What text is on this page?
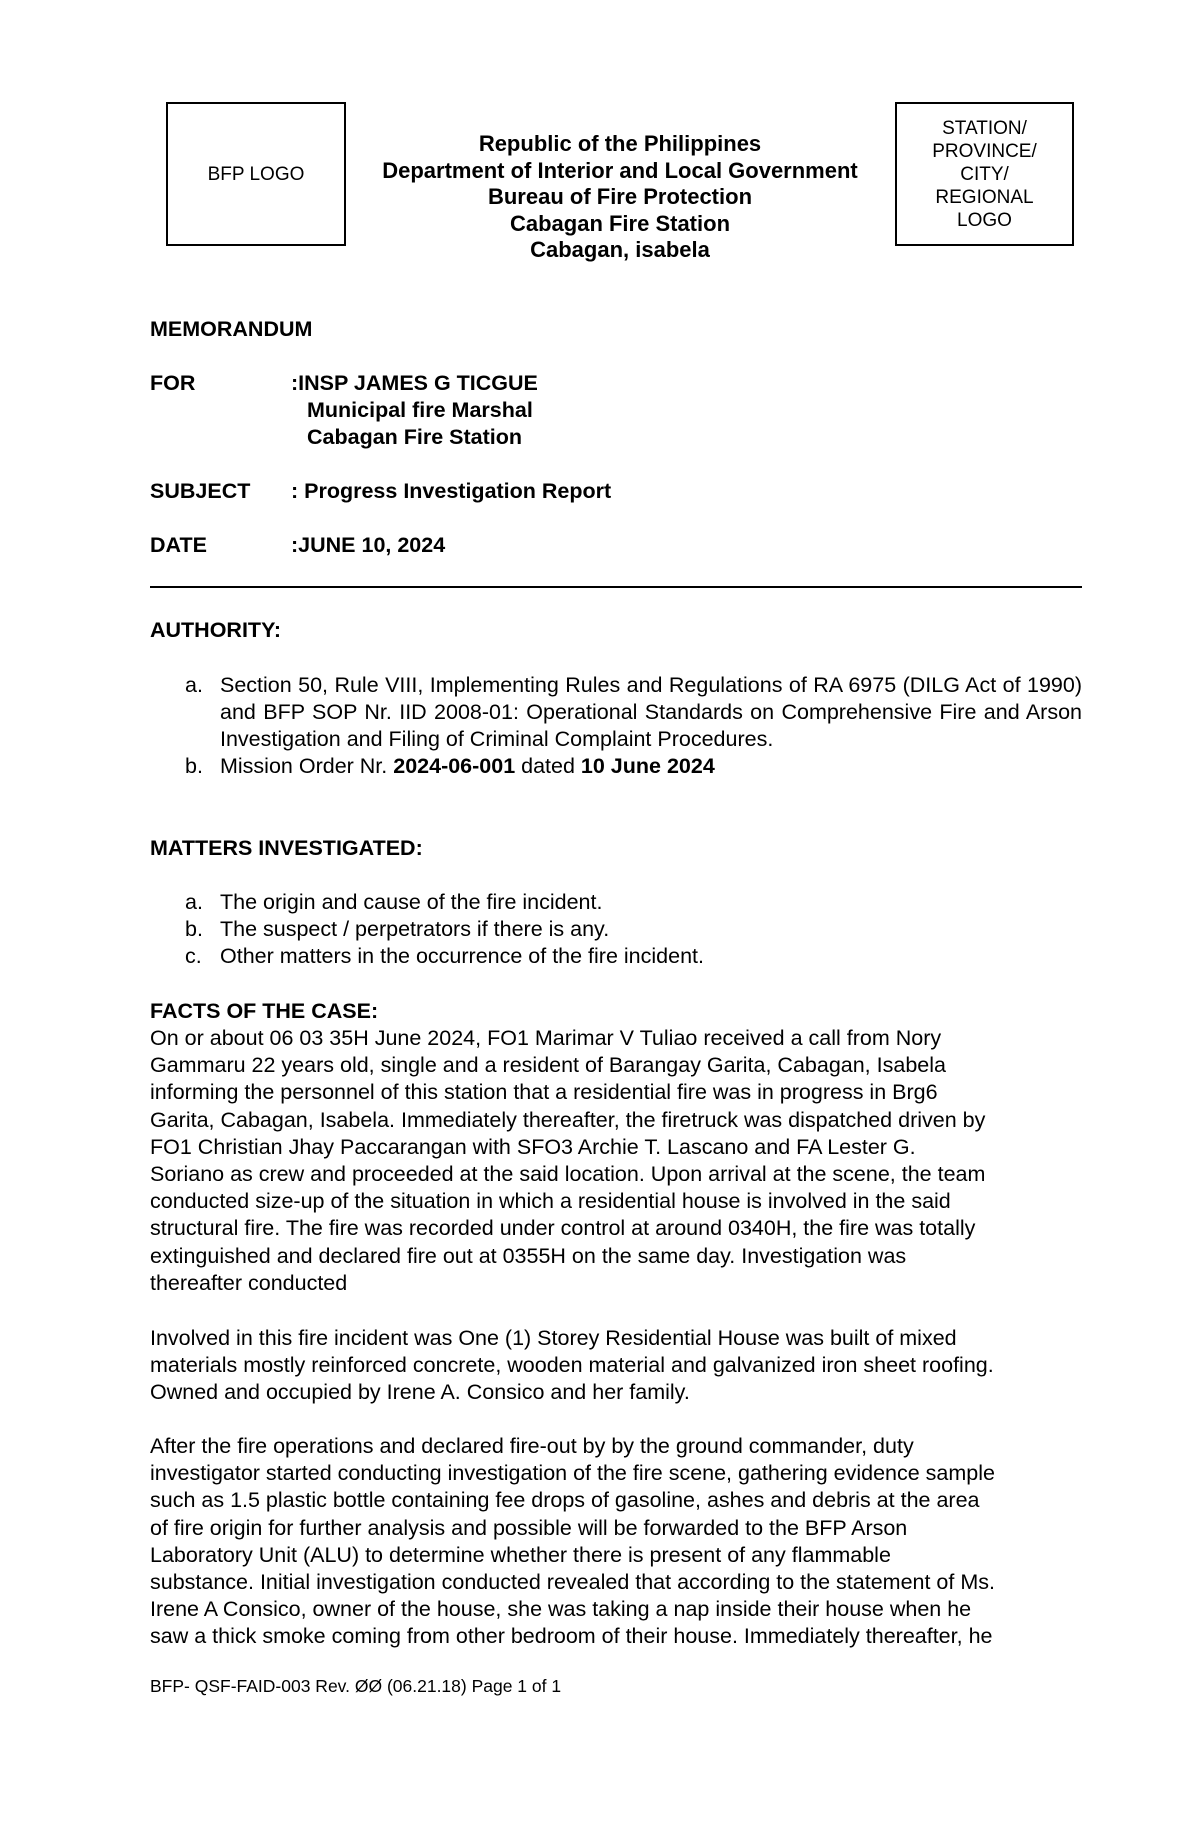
BFP LOGO
STATION/
PROVINCE/
CITY/
REGIONAL
LOGO
Republic of the Philippines
Department of Interior and Local Government
Bureau of Fire Protection
Cabagan Fire Station
Cabagan, isabela
MEMORANDUM
FOR	:INSP JAMES G TICGUE
Municipal fire Marshal
Cabagan Fire Station
SUBJECT : Progress Investigation Report
DATE	:JUNE 10, 2024
AUTHORITY:
a. Section 50, Rule VIII, Implementing Rules and Regulations of RA 6975 (DILG Act of 1990) and BFP SOP Nr. IID 2008-01: Operational Standards on Comprehensive Fire and Arson Investigation and Filing of Criminal Complaint Procedures.
b. Mission Order Nr. 2024-06-001 dated 10 June 2024
MATTERS INVESTIGATED:
a. The origin and cause of the fire incident.
b. The suspect / perpetrators if there is any.
c. Other matters in the occurrence of the fire incident.
FACTS OF THE CASE:
On or about 06 03 35H June 2024, FO1 Marimar V Tuliao received a call from Nory
Gammaru 22 years old, single and a resident of Barangay Garita, Cabagan, Isabela
informing the personnel of this station that a residential fire was in progress in Brg6
Garita, Cabagan, Isabela. Immediately thereafter, the firetruck was dispatched driven by
FO1 Christian Jhay Paccarangan with SFO3 Archie T. Lascano and FA Lester G.
Soriano as crew and proceeded at the said location. Upon arrival at the scene, the team
conducted size-up of the situation in which a residential house is involved in the said
structural fire. The fire was recorded under control at around 0340H, the fire was totally
extinguished and declared fire out at 0355H on the same day. Investigation was
thereafter conducted
Involved in this fire incident was One (1) Storey Residential House was built of mixed
materials mostly reinforced concrete, wooden material and galvanized iron sheet roofing.
Owned and occupied by Irene A. Consico and her family.
After the fire operations and declared fire-out by by the ground commander, duty
investigator started conducting investigation of the fire scene, gathering evidence sample
such as 1.5 plastic bottle containing fee drops of gasoline, ashes and debris at the area
of fire origin for further analysis and possible will be forwarded to the BFP Arson
Laboratory Unit (ALU) to determine whether there is present of any flammable
substance. Initial investigation conducted revealed that according to the statement of Ms.
Irene A Consico, owner of the house, she was taking a nap inside their house when he
saw a thick smoke coming from other bedroom of their house. Immediately thereafter, he
BFP- QSF-FAID-003 Rev. ØØ (06.21.18) Page 1 of 1
